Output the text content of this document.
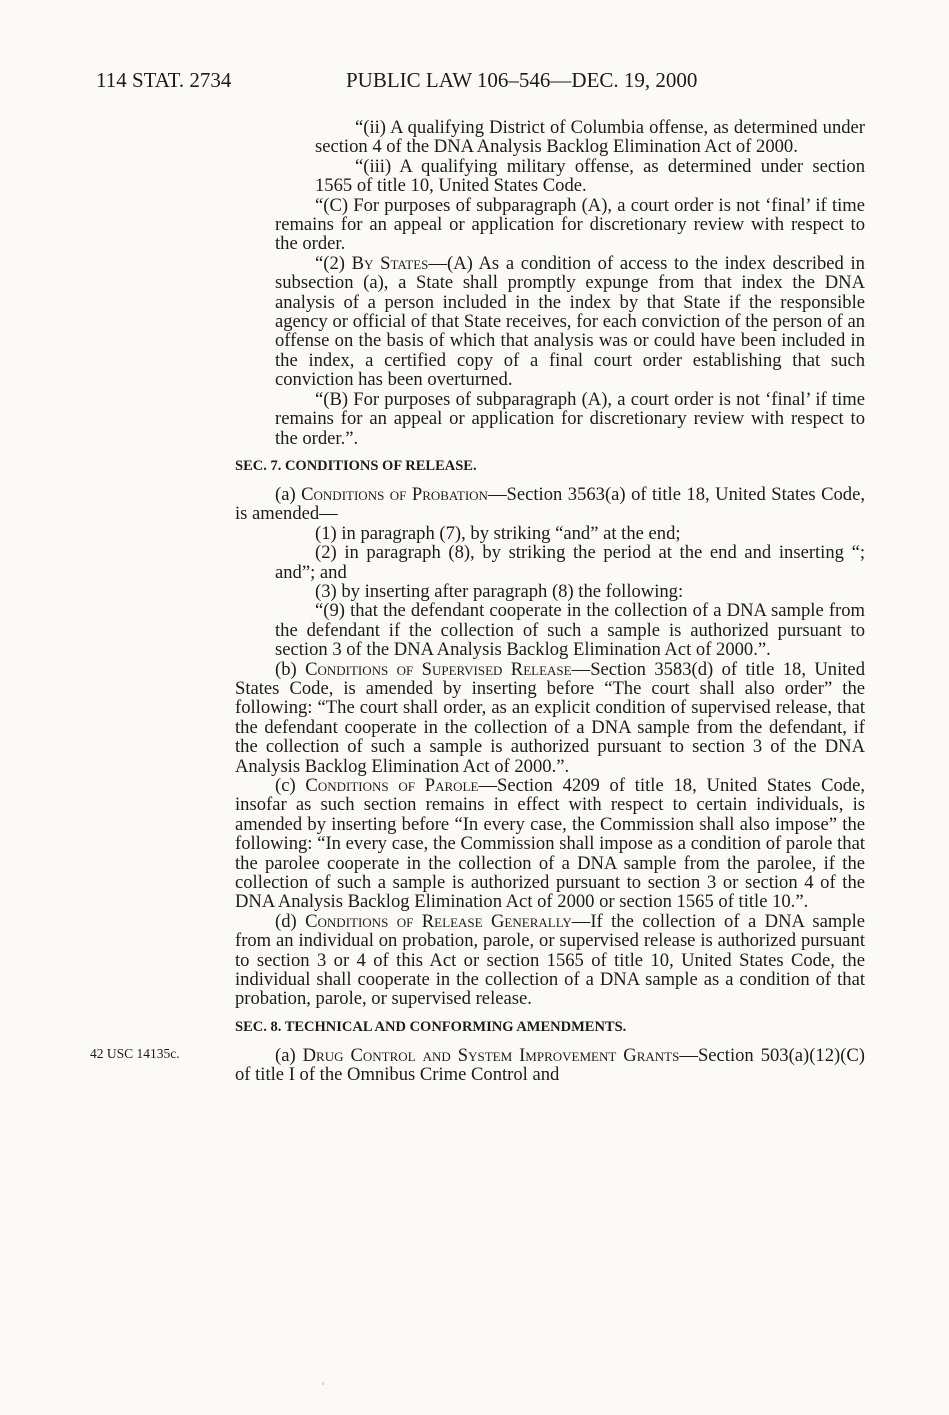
114 STAT. 2734	PUBLIC LAW 106–546—DEC. 19, 2000
42 USC 14135c.

“(ii) A qualifying District of Columbia offense, as determined under section 4 of the DNA Analysis Backlog Elimination Act of 2000.

“(iii) A qualifying military offense, as determined under section 1565 of title 10, United States Code.

“(C) For purposes of subparagraph (A), a court order is not ‘final’ if time remains for an appeal or application for discretionary review with respect to the order.

“(2) By States—(A) As a condition of access to the index described in subsection (a), a State shall promptly expunge from that index the DNA analysis of a person included in the index by that State if the responsible agency or official of that State receives, for each conviction of the person of an offense on the basis of which that analysis was or could have been included in the index, a certified copy of a final court order establishing that such conviction has been overturned.

“(B) For purposes of subparagraph (A), a court order is not ‘final’ if time remains for an appeal or application for discretionary review with respect to the order.”.

SEC. 7. CONDITIONS OF RELEASE.

(a) Conditions of Probation—Section 3563(a) of title 18, United States Code, is amended—

(1) in paragraph (7), by striking “and” at the end;

(2) in paragraph (8), by striking the period at the end and inserting “; and”; and

(3) by inserting after paragraph (8) the following:

“(9) that the defendant cooperate in the collection of a DNA sample from the defendant if the collection of such a sample is authorized pursuant to section 3 of the DNA Analysis Backlog Elimination Act of 2000.”.

(b) Conditions of Supervised Release—Section 3583(d) of title 18, United States Code, is amended by inserting before “The court shall also order” the following: “The court shall order, as an explicit condition of supervised release, that the defendant cooperate in the collection of a DNA sample from the defendant, if the collection of such a sample is authorized pursuant to section 3 of the DNA Analysis Backlog Elimination Act of 2000.”.

(c) Conditions of Parole—Section 4209 of title 18, United States Code, insofar as such section remains in effect with respect to certain individuals, is amended by inserting before “In every case, the Commission shall also impose” the following: “In every case, the Commission shall impose as a condition of parole that the parolee cooperate in the collection of a DNA sample from the parolee, if the collection of such a sample is authorized pursuant to section 3 or section 4 of the DNA Analysis Backlog Elimination Act of 2000 or section 1565 of title 10.”.

(d) Conditions of Release Generally—If the collection of a DNA sample from an individual on probation, parole, or supervised release is authorized pursuant to section 3 or 4 of this Act or section 1565 of title 10, United States Code, the individual shall cooperate in the collection of a DNA sample as a condition of that probation, parole, or supervised release.

SEC. 8. TECHNICAL AND CONFORMING AMENDMENTS.

(a) Drug Control and System Improvement Grants—Section 503(a)(12)(C) of title I of the Omnibus Crime Control and
